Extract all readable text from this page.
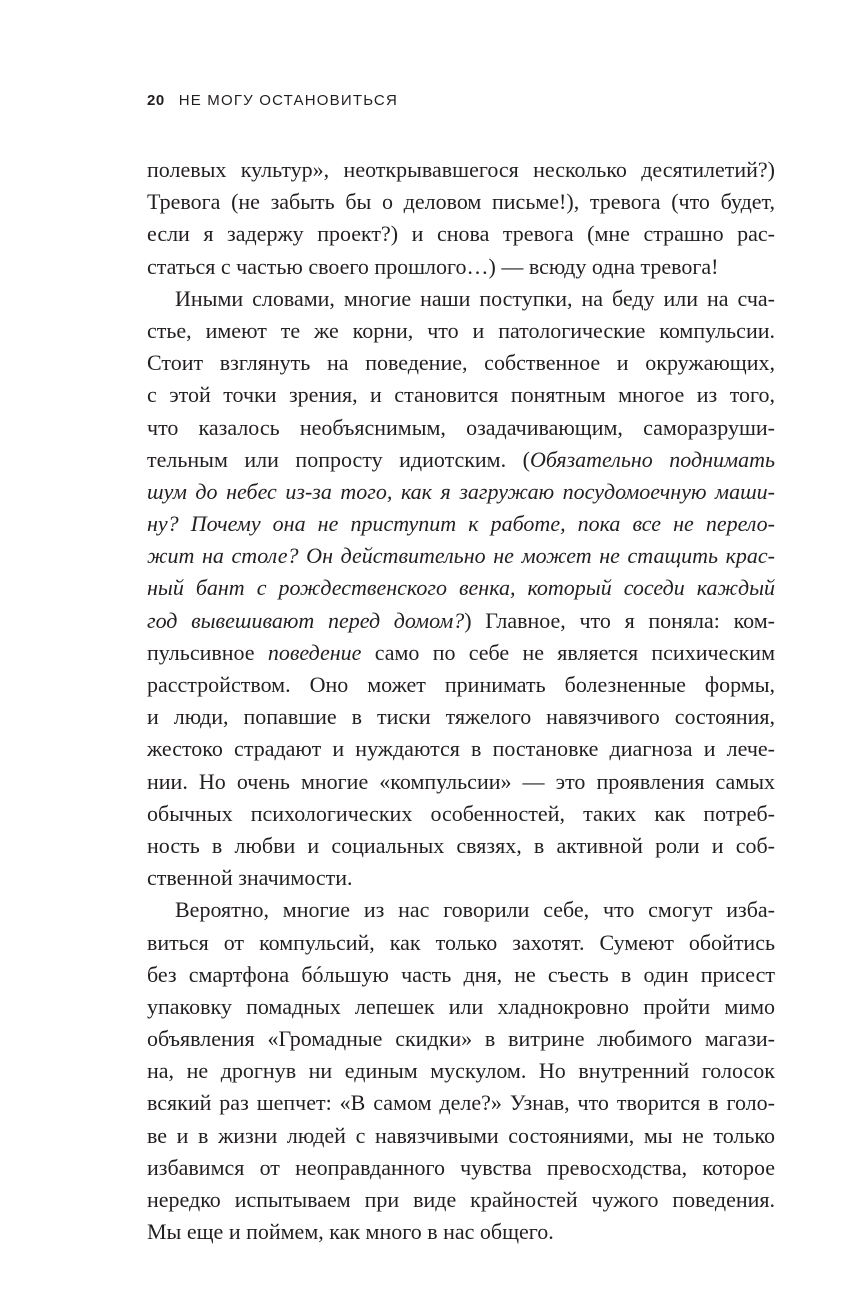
20 НЕ МОГУ ОСТАНОВИТЬСЯ
полевых культур», неоткрывавшегося несколько десятилетий?)
Тревога (не забыть бы о деловом письме!), тревога (что будет,
если я задержу проект?) и снова тревога (мне страшно рас-
статься с частью своего прошлого…) — всюду одна тревога!
Иными словами, многие наши поступки, на беду или на сча-
стье, имеют те же корни, что и патологические компульсии.
Стоит взглянуть на поведение, собственное и окружающих,
с этой точки зрения, и становится понятным многое из того,
что казалось необъяснимым, озадачивающим, саморазруши-
тельным или попросту идиотским. (Обязательно поднимать
шум до небес из-за того, как я загружаю посудомоечную маши-
ну? Почему она не приступит к работе, пока все не перело-
жит на столе? Он действительно не может не стащить крас-
ный бант с рождественского венка, который соседи каждый
год вывешивают перед домом?) Главное, что я поняла: ком-
пульсивное поведение само по себе не является психическим
расстройством. Оно может принимать болезненные формы,
и люди, попавшие в тиски тяжелого навязчивого состояния,
жестоко страдают и нуждаются в постановке диагноза и лече-
нии. Но очень многие «компульсии» — это проявления самых
обычных психологических особенностей, таких как потреб-
ность в любви и социальных связях, в активной роли и соб-
ственной значимости.
Вероятно, многие из нас говорили себе, что смогут изба-
виться от компульсий, как только захотят. Сумеют обойтись
без смартфона бóльшую часть дня, не съесть в один присест
упаковку помадных лепешек или хладнокровно пройти мимо
объявления «Громадные скидки» в витрине любимого магази-
на, не дрогнув ни единым мускулом. Но внутренний голосок
всякий раз шепчет: «В самом деле?» Узнав, что творится в голо-
ве и в жизни людей с навязчивыми состояниями, мы не только
избавимся от неоправданного чувства превосходства, которое
нередко испытываем при виде крайностей чужого поведения.
Мы еще и поймем, как много в нас общего.
